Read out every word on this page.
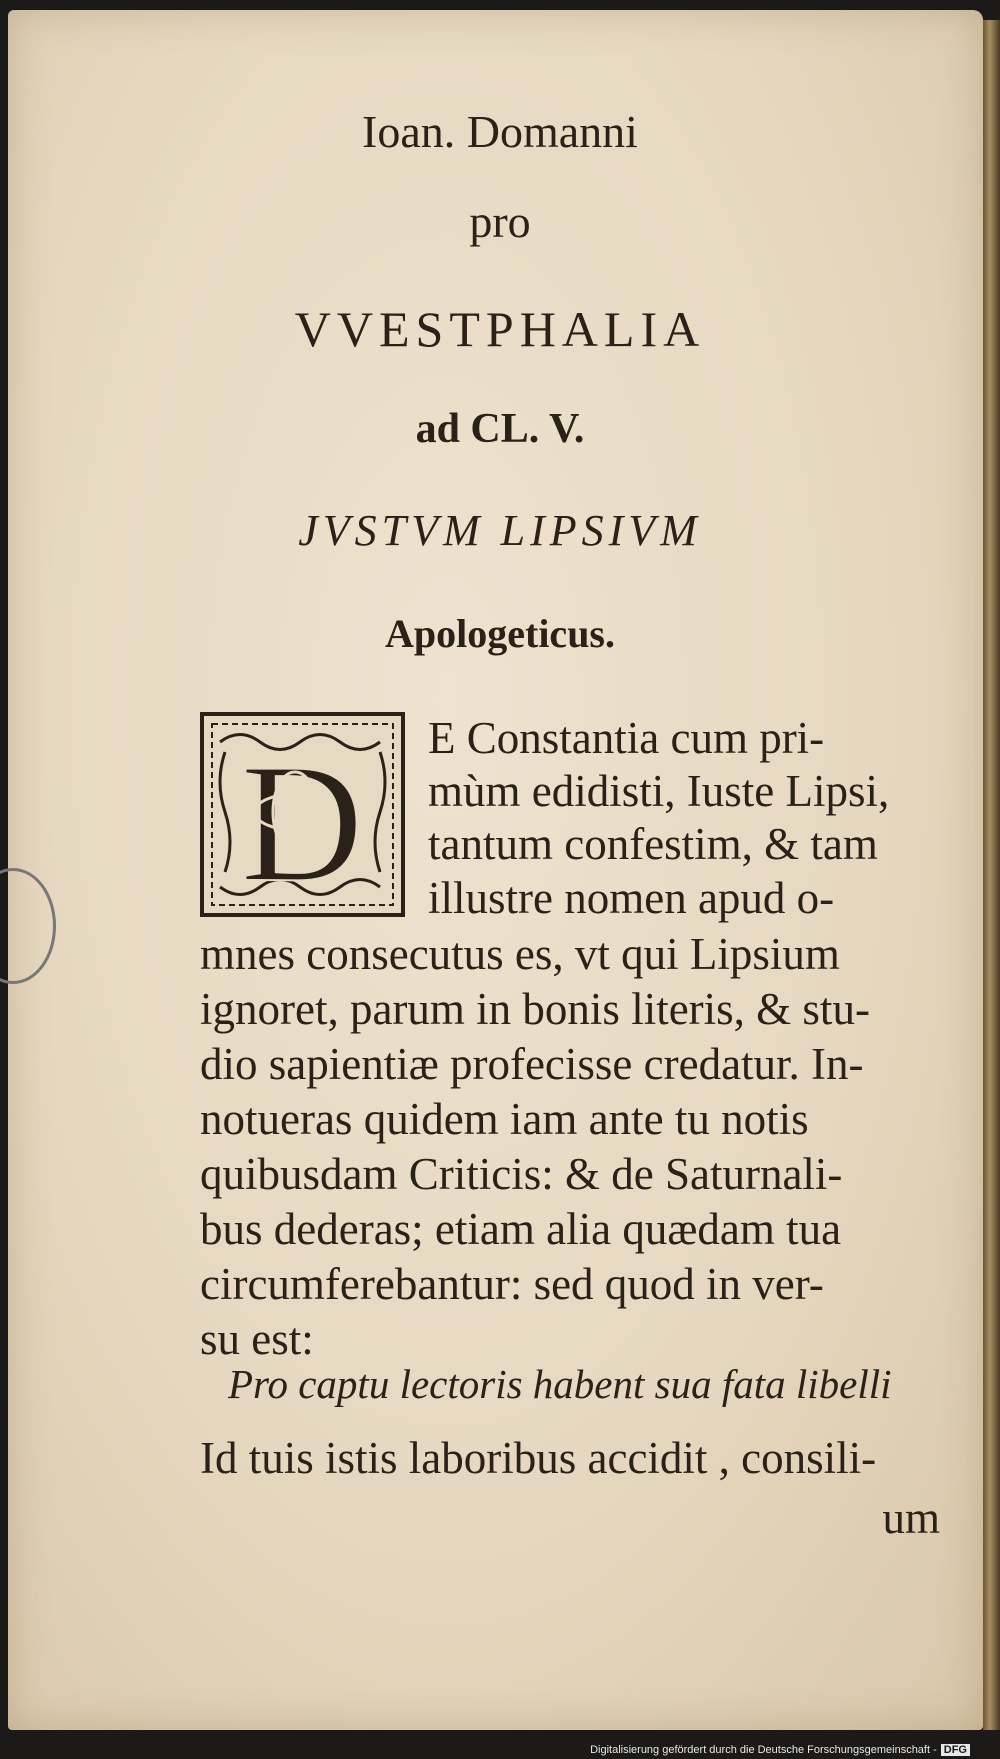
Ioan. Domanni

pro

VVESTPHALIA

ad CL. V.

JVSTVM LIPSIVM

Apologeticus.

D E Constantia cum pri-

mùm edidisti, Iuste Lipsi,

tantum confestim, & tam

illustre nomen apud o-

mnes consecutus es, vt qui Lipsium

ignoret, parum in bonis literis, & stu-

dio sapientiæ profecisse credatur. In-

notueras quidem iam ante tu notis

quibusdam Criticis: & de Saturnali-

bus dederas; etiam alia quædam tua

circumferebantur: sed quod in ver-

su est:

Pro captu lectoris habent sua fata libelli

Id tuis istis laboribus accidit , consili-

um

Digitalisierung gefördert durch die Deutsche Forschungsgemeinschaft - DFG
